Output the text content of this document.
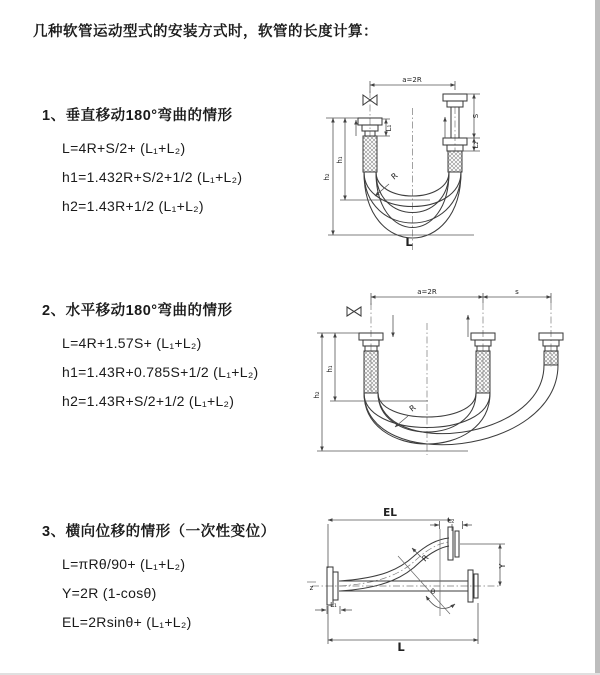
几种软管运动型式的安装方式时，软管的长度计算：
1、垂直移动180°弯曲的情形
L=4R+S/2+ (L₁+L₂)
h1=1.432R+S/2+1/2 (L₁+L₂)
h2=1.43R+1/2 (L₁+L₂)
2、水平移动180°弯曲的情形
L=4R+1.57S+ (L₁+L₂)
h1=1.43R+0.785S+1/2 (L₁+L₂)
h2=1.43R+S/2+1/2 (L₁+L₂)
3、横向位移的情形（一次性变位）
L=πRθ/90+ (L₁+L₂)
Y=2R (1-cosθ)
EL=2Rsinθ+ (L₁+L₂)
a=2R
h₂
h₁
L₁
S
L₂
R
L
a=2R	s
h₂
h₁
R
EL
L₂
Y
θ
R
L
L₁
z
